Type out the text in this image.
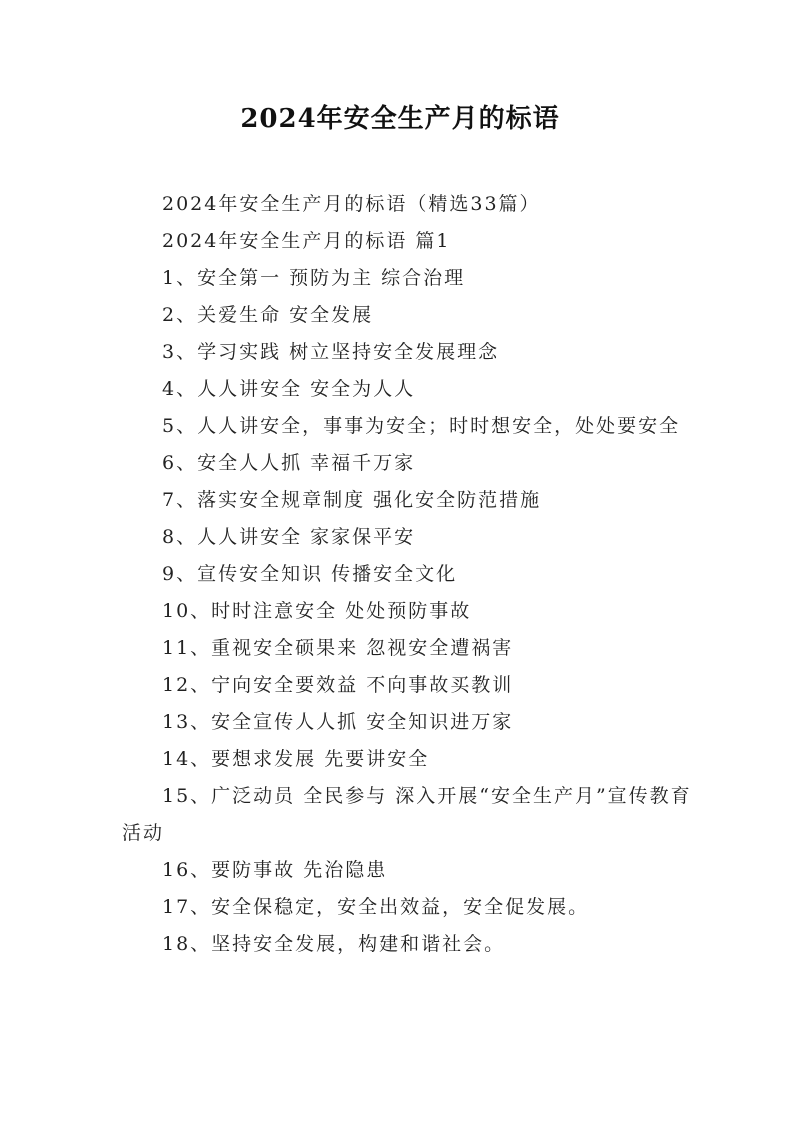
2024年安全生产月的标语
2024年安全生产月的标语（精选33篇）
2024年安全生产月的标语 篇1
1、安全第一 预防为主 综合治理
2、关爱生命 安全发展
3、学习实践 树立坚持安全发展理念
4、人人讲安全 安全为人人
5、人人讲安全，事事为安全；时时想安全，处处要安全
6、安全人人抓 幸福千万家
7、落实安全规章制度 强化安全防范措施
8、人人讲安全 家家保平安
9、宣传安全知识 传播安全文化
10、时时注意安全 处处预防事故
11、重视安全硕果来 忽视安全遭祸害
12、宁向安全要效益 不向事故买教训
13、安全宣传人人抓 安全知识进万家
14、要想求发展 先要讲安全
15、广泛动员 全民参与 深入开展“安全生产月”宣传教育活动
16、要防事故 先治隐患
17、安全保稳定，安全出效益，安全促发展。
18、坚持安全发展，构建和谐社会。
